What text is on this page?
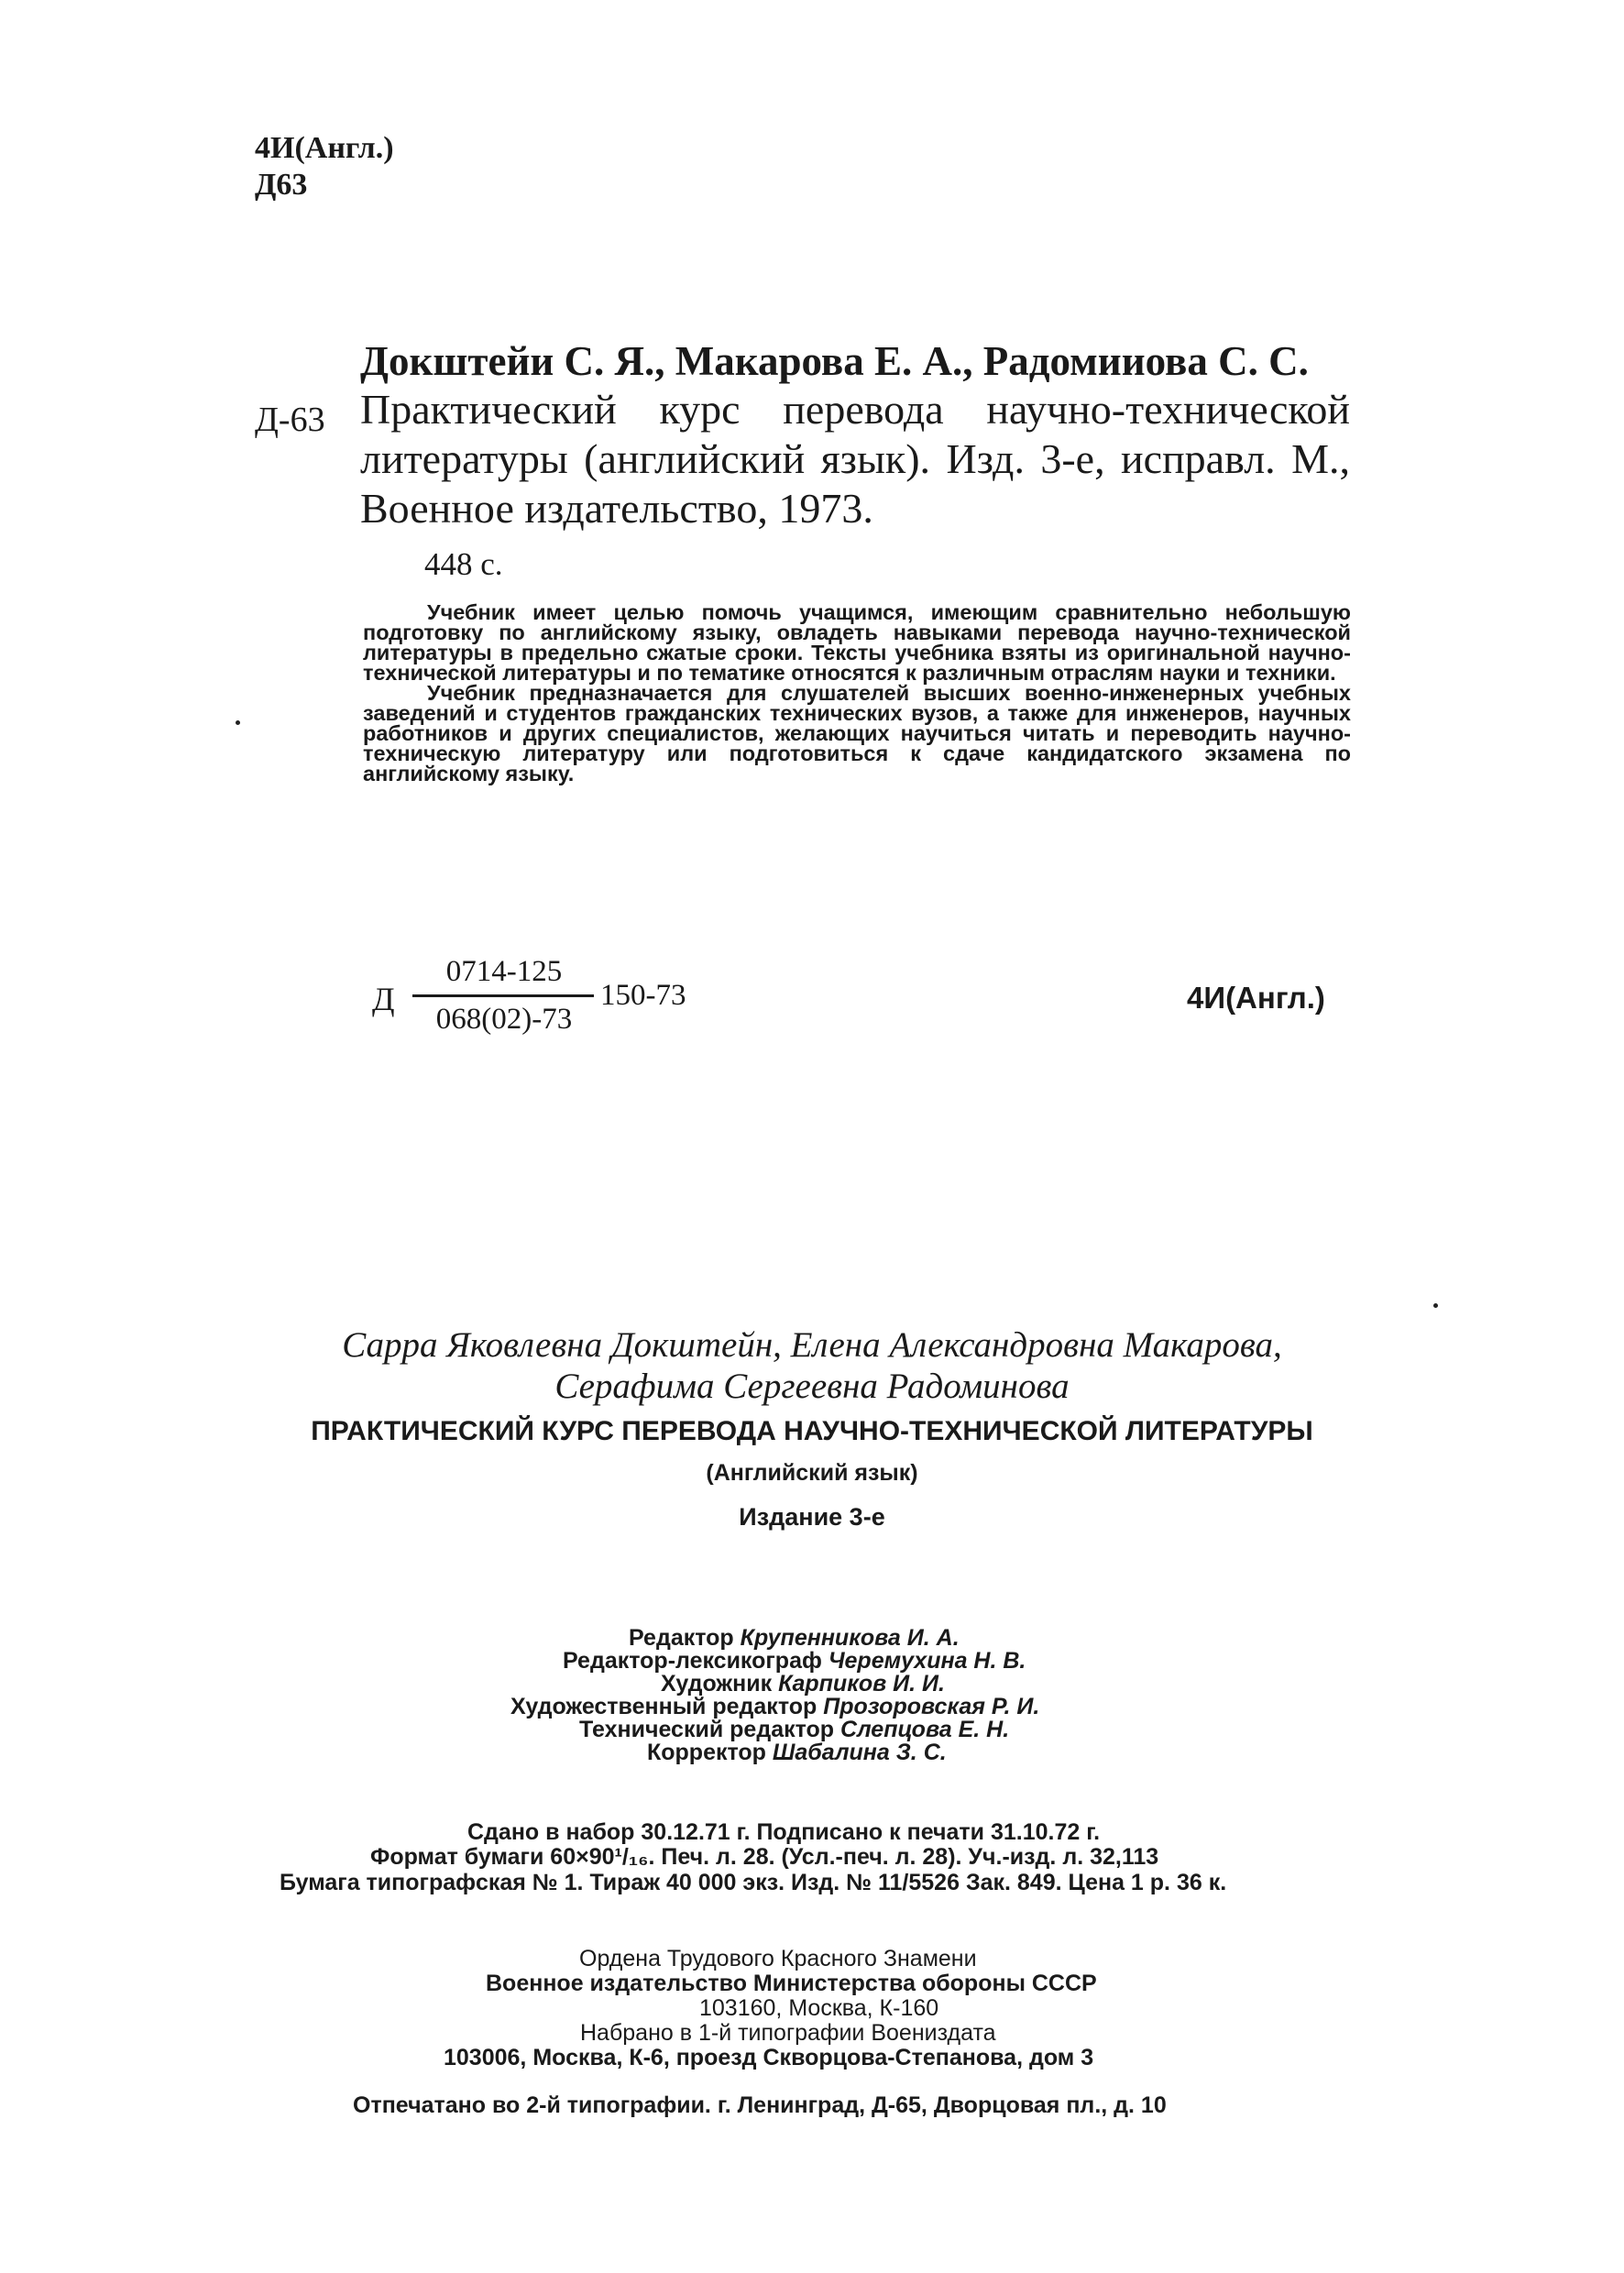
4И(Англ.)
Д63
Докштейи С. Я., Макарова Е. А., Радомииова С. С.
Д-63 Практический курс перевода научно-технической литературы (английский язык). Изд. 3-е, исправл. М., Военное издательство, 1973.
448 с.

Учебник имеет целью помочь учащимся, имеющим сравнительно небольшую подготовку по английскому языку, овладеть навыками перевода научно-технической литературы в предельно сжатые сроки. Тексты учебника взяты из оригинальной научно-технической литературы и по тематике относятся к различным отраслям науки и техники.

Учебник предназначается для слушателей высших военно-инженерных учебных заведений и студентов гражданских технических вузов, а также для инженеров, научных работников и других специалистов, желающих научиться читать и переводить научно-техническую литературу или подготовиться к сдаче кандидатского экзамена по английскому языку.

Д
0714-125
068(02)-73
150-73	4И(Англ.)
Сарра Яковлевна Докштейн, Елена Александровна Макарова,
Серафима Сергеевна Радоминова
ПРАКТИЧЕСКИЙ КУРС ПЕРЕВОДА НАУЧНО-ТЕХНИЧЕСКОЙ ЛИТЕРАТУРЫ
(Английский язык)
Издание 3-е
Редактор Крупенникова И. А.
Редактор-лексикограф Черемухина Н. В.
Художник Карпиков И. И.
Художественный редактор Прозоровская Р. И.
Технический редактор Слепцова Е. Н.
Корректор Шабалина З. С.
Сдано в набор 30.12.71 г. Подписано к печати 31.10.72 г.
Формат бумаги 60×90¹/₁₆. Печ. л. 28. (Усл.-печ. л. 28). Уч.-изд. л. 32,113
Бумага типографская № 1. Тираж 40 000 экз. Изд. № 11/5526 Зак. 849. Цена 1 р. 36 к.
Ордена Трудового Красного Знамени
Военное издательство Министерства обороны СССР
103160, Москва, К-160
Набрано в 1-й типографии Воениздата
103006, Москва, К-6, проезд Скворцова-Степанова, дом 3
Отпечатано во 2-й типографии. г. Ленинград, Д-65, Дворцовая пл., д. 10
